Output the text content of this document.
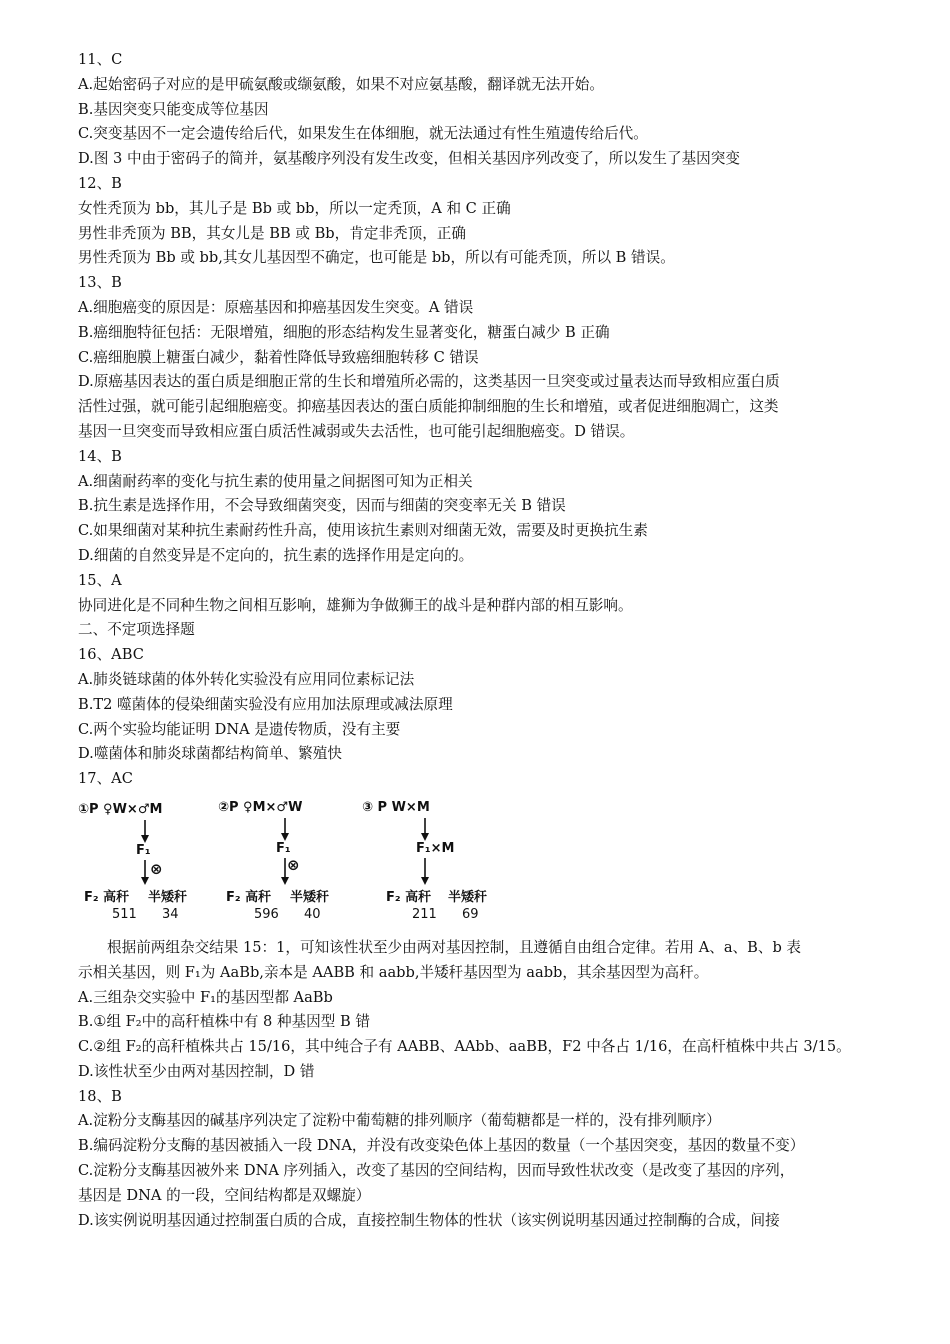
11、C

A.起始密码子对应的是甲硫氨酸或缬氨酸，如果不对应氨基酸，翻译就无法开始。

B.基因突变只能变成等位基因

C.突变基因不一定会遗传给后代，如果发生在体细胞，就无法通过有性生殖遗传给后代。

D.图 3 中由于密码子的简并，氨基酸序列没有发生改变，但相关基因序列改变了，所以发生了基因突变

12、B

女性秃顶为 bb，其儿子是 Bb 或 bb，所以一定秃顶，A 和 C 正确

男性非秃顶为 BB，其女儿是 BB 或 Bb，肯定非秃顶，正确

男性秃顶为 Bb 或 bb,其女儿基因型不确定，也可能是 bb，所以有可能秃顶，所以 B 错误。

13、B

A.细胞癌变的原因是：原癌基因和抑癌基因发生突变。A 错误

B.癌细胞特征包括：无限增殖，细胞的形态结构发生显著变化，糖蛋白减少 B 正确

C.癌细胞膜上糖蛋白减少，黏着性降低导致癌细胞转移 C 错误

D.原癌基因表达的蛋白质是细胞正常的生长和增殖所必需的，这类基因一旦突变或过量表达而导致相应蛋白质

活性过强，就可能引起细胞癌变。抑癌基因表达的蛋白质能抑制细胞的生长和增殖，或者促进细胞凋亡，这类

基因一旦突变而导致相应蛋白质活性减弱或失去活性，也可能引起细胞癌变。D 错误。

14、B

A.细菌耐药率的变化与抗生素的使用量之间据图可知为正相关

B.抗生素是选择作用，不会导致细菌突变，因而与细菌的突变率无关 B 错误

C.如果细菌对某种抗生素耐药性升高，使用该抗生素则对细菌无效，需要及时更换抗生素

D.细菌的自然变异是不定向的，抗生素的选择作用是定向的。

15、A

协同进化是不同种生物之间相互影响，雄狮为争做狮王的战斗是种群内部的相互影响。

二、不定项选择题

16、ABC

A.肺炎链球菌的体外转化实验没有应用同位素标记法

B.T2 噬菌体的侵染细菌实验没有应用加法原理或减法原理

C.两个实验均能证明 DNA 是遗传物质，没有主要

D.噬菌体和肺炎球菌都结构简单、繁殖快

17、AC

①P ♀W×♂M
F₁
⊗
F₂ 高秆 半矮秆
511 34
②P ♀M×♂W
F₁
⊗
F₂ 高秆 半矮秆
596 40
③ P W×M
F₁×M
F₂ 高秆 半矮秆
211 69

根据前两组杂交结果 15：1，可知该性状至少由两对基因控制，且遵循自由组合定律。若用 A、a、B、b 表

示相关基因，则 F₁为 AaBb,亲本是 AABB 和 aabb,半矮秆基因型为 aabb，其余基因型为高秆。

A.三组杂交实验中 F₁的基因型都 AaBb

B.①组 F₂中的高秆植株中有 8 种基因型 B 错

C.②组 F₂的高秆植株共占 15/16，其中纯合子有 AABB、AAbb、aaBB，F2 中各占 1/16，在高杆植株中共占 3/15。

D.该性状至少由两对基因控制，D 错

18、B

A.淀粉分支酶基因的碱基序列决定了淀粉中葡萄糖的排列顺序（葡萄糖都是一样的，没有排列顺序）

B.编码淀粉分支酶的基因被插入一段 DNA，并没有改变染色体上基因的数量（一个基因突变，基因的数量不变）

C.淀粉分支酶基因被外来 DNA 序列插入，改变了基因的空间结构，因而导致性状改变（是改变了基因的序列，

基因是 DNA 的一段，空间结构都是双螺旋）

D.该实例说明基因通过控制蛋白质的合成，直接控制生物体的性状（该实例说明基因通过控制酶的合成，间接
